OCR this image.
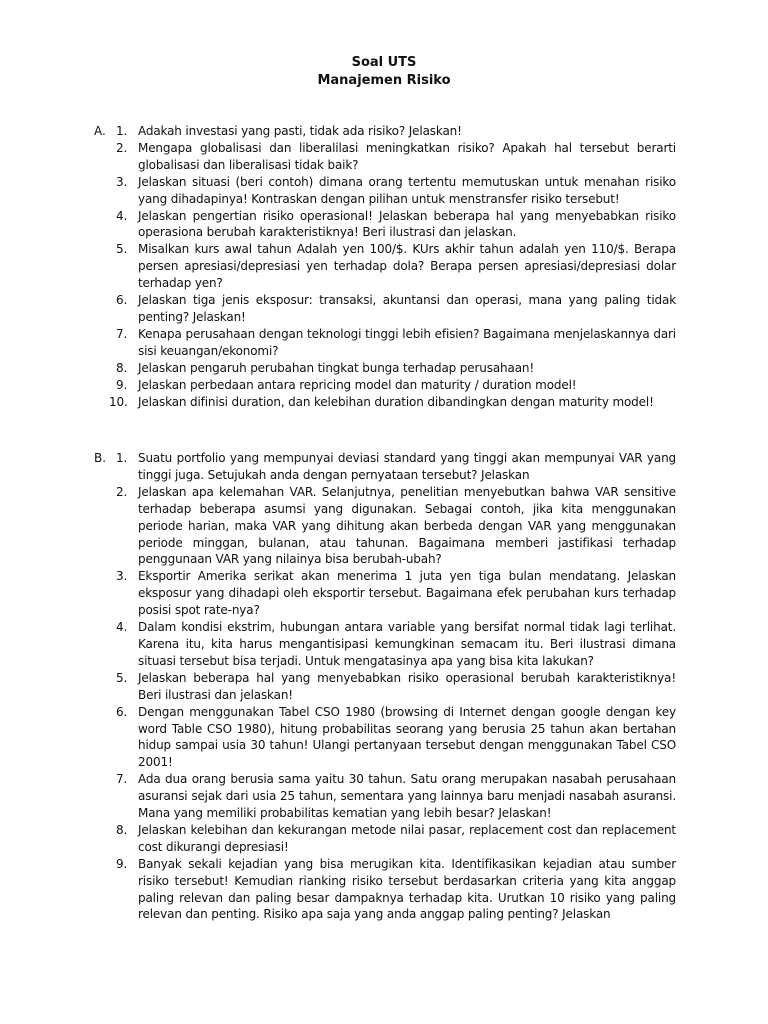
Soal UTS
Manajemen Risiko
A. 1. Adakah investasi yang pasti, tidak ada risiko? Jelaskan!
2. Mengapa globalisasi dan liberalilasi meningkatkan risiko? Apakah hal tersebut berarti globalisasi dan liberalisasi tidak baik?
3. Jelaskan situasi (beri contoh) dimana orang tertentu memutuskan untuk menahan risiko yang dihadapinya! Kontraskan dengan pilihan untuk menstransfer risiko tersebut!
4. Jelaskan pengertian risiko operasional! Jelaskan beberapa hal yang menyebabkan risiko operasiona berubah karakteristiknya! Beri ilustrasi dan jelaskan.
5. Misalkan kurs awal tahun Adalah yen 100/$. KUrs akhir tahun adalah yen 110/$. Berapa persen apresiasi/depresiasi yen terhadap dola? Berapa persen apresiasi/depresiasi dolar terhadap yen?
6. Jelaskan tiga jenis eksposur: transaksi, akuntansi dan operasi, mana yang paling tidak penting? Jelaskan!
7. Kenapa perusahaan dengan teknologi tinggi lebih efisien? Bagaimana menjelaskannya dari sisi keuangan/ekonomi?
8. Jelaskan pengaruh perubahan tingkat bunga terhadap perusahaan!
9. Jelaskan perbedaan antara repricing model dan maturity / duration model!
10. Jelaskan difinisi duration, dan kelebihan duration dibandingkan dengan maturity model!
B. 1. Suatu portfolio yang mempunyai deviasi standard yang tinggi akan mempunyai VAR yang tinggi juga. Setujukah anda dengan pernyataan tersebut? Jelaskan
2. Jelaskan apa kelemahan VAR. Selanjutnya, penelitian menyebutkan bahwa VAR sensitive terhadap beberapa asumsi yang digunakan. Sebagai contoh, jika kita menggunakan periode harian, maka VAR yang dihitung akan berbeda dengan VAR yang menggunakan periode minggan, bulanan, atau tahunan. Bagaimana memberi jastifikasi terhadap penggunaan VAR yang nilainya bisa berubah-ubah?
3. Eksportir Amerika serikat akan menerima 1 juta yen tiga bulan mendatang. Jelaskan eksposur yang dihadapi oleh eksportir tersebut. Bagaimana efek perubahan kurs terhadap posisi spot rate-nya?
4. Dalam kondisi ekstrim, hubungan antara variable yang bersifat normal tidak lagi terlihat. Karena itu, kita harus mengantisipasi kemungkinan semacam itu. Beri ilustrasi dimana situasi tersebut bisa terjadi. Untuk mengatasinya apa yang bisa kita lakukan?
5. Jelaskan beberapa hal yang menyebabkan risiko operasional berubah karakteristiknya! Beri ilustrasi dan jelaskan!
6. Dengan menggunakan Tabel CSO 1980 (browsing di Internet dengan google dengan key word Table CSO 1980), hitung probabilitas seorang yang berusia 25 tahun akan bertahan hidup sampai usia 30 tahun! Ulangi pertanyaan tersebut dengan menggunakan Tabel CSO 2001!
7. Ada dua orang berusia sama yaitu 30 tahun. Satu orang merupakan nasabah perusahaan asuransi sejak dari usia 25 tahun, sementara yang lainnya baru menjadi nasabah asuransi. Mana yang memiliki probabilitas kematian yang lebih besar? Jelaskan!
8. Jelaskan kelebihan dan kekurangan metode nilai pasar, replacement cost dan replacement cost dikurangi depresiasi!
9. Banyak sekali kejadian yang bisa merugikan kita. Identifikasikan kejadian atau sumber risiko tersebut! Kemudian rianking risiko tersebut berdasarkan criteria yang kita anggap paling relevan dan paling besar dampaknya terhadap kita. Urutkan 10 risiko yang paling relevan dan penting. Risiko apa saja yang anda anggap paling penting? Jelaskan
